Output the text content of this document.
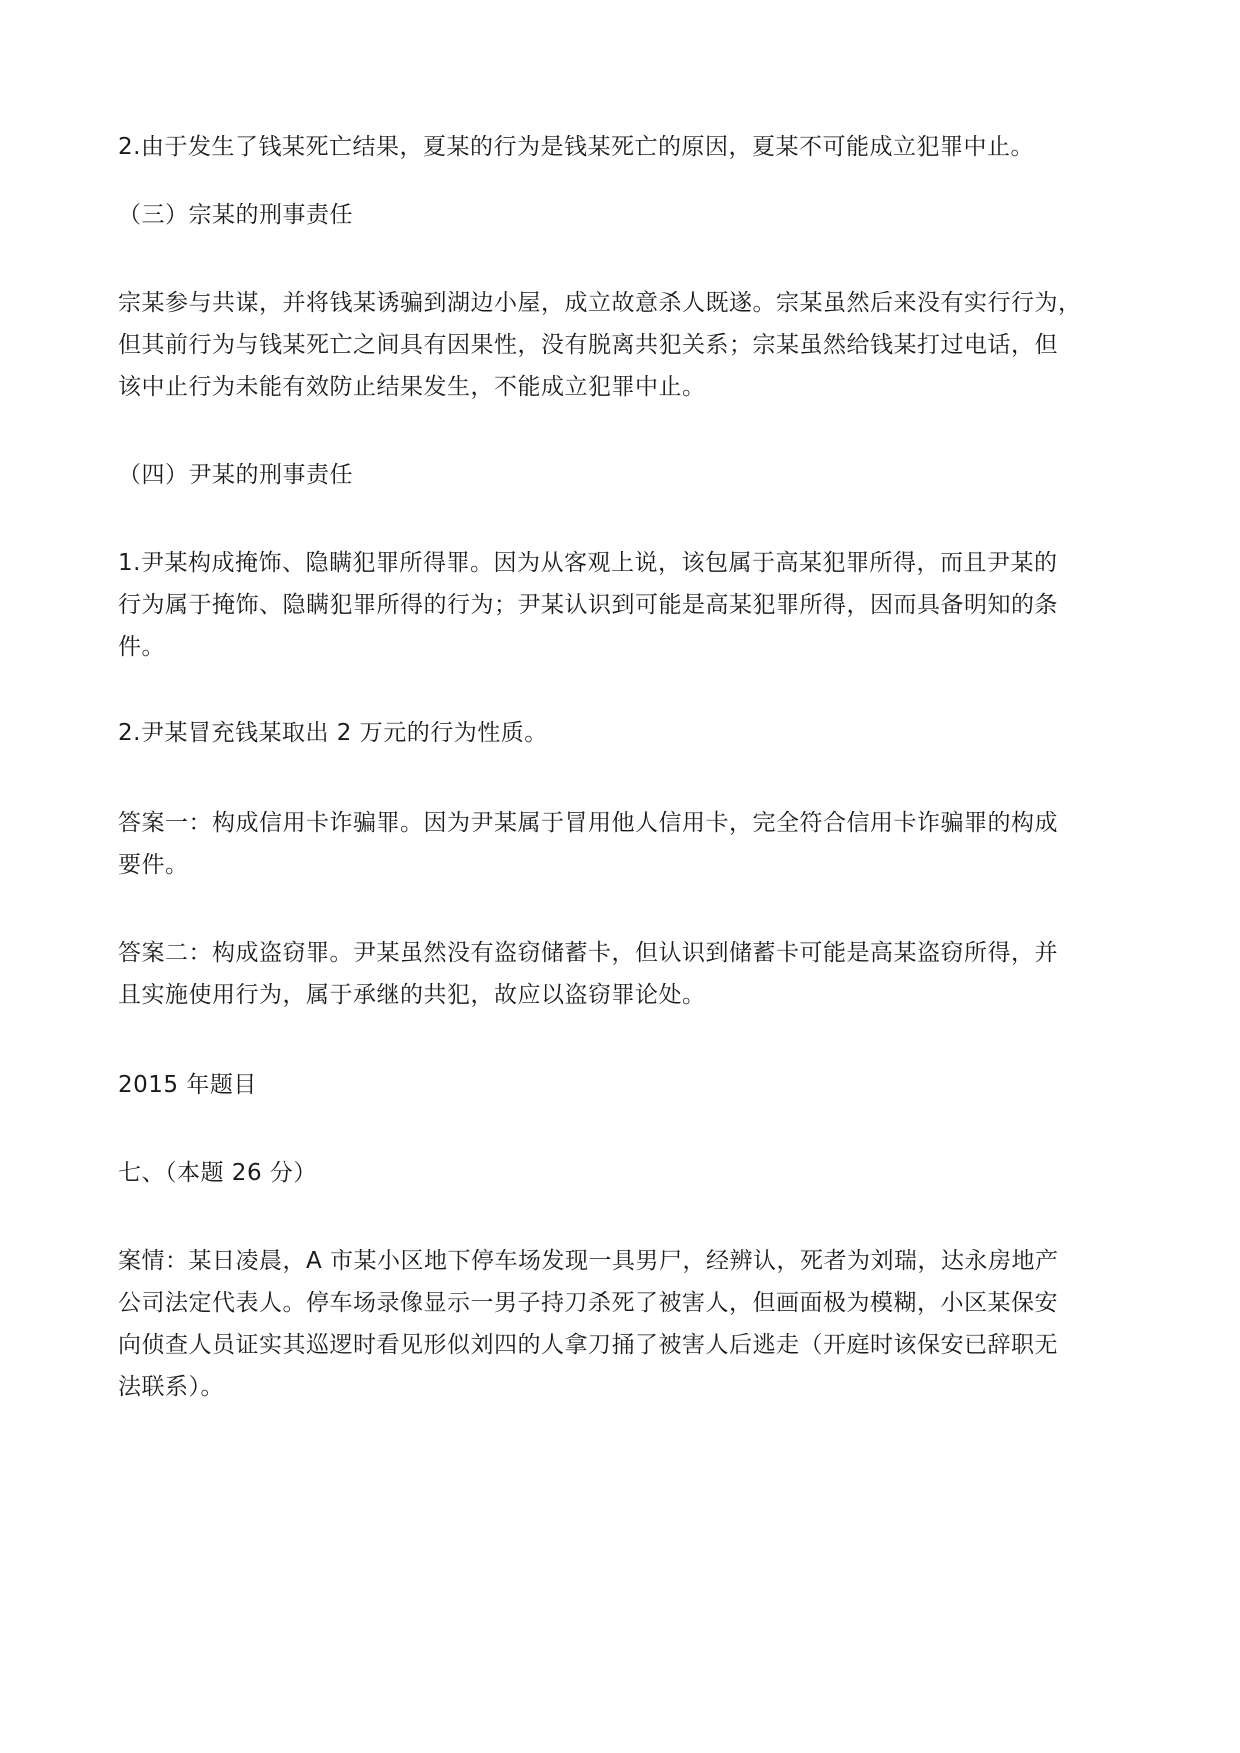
2.由于发生了钱某死亡结果，夏某的行为是钱某死亡的原因，夏某不可能成立犯罪中止。

（三）宗某的刑事责任

宗某参与共谋，并将钱某诱骗到湖边小屋，成立故意杀人既遂。宗某虽然后来没有实行行为，
但其前行为与钱某死亡之间具有因果性，没有脱离共犯关系；宗某虽然给钱某打过电话，但
该中止行为未能有效防止结果发生，不能成立犯罪中止。

（四）尹某的刑事责任

1.尹某构成掩饰、隐瞒犯罪所得罪。因为从客观上说，该包属于高某犯罪所得，而且尹某的
行为属于掩饰、隐瞒犯罪所得的行为；尹某认识到可能是高某犯罪所得，因而具备明知的条
件。

2.尹某冒充钱某取出 2 万元的行为性质。

答案一：构成信用卡诈骗罪。因为尹某属于冒用他人信用卡，完全符合信用卡诈骗罪的构成
要件。

答案二：构成盗窃罪。尹某虽然没有盗窃储蓄卡，但认识到储蓄卡可能是高某盗窃所得，并
且实施使用行为，属于承继的共犯，故应以盗窃罪论处。

2015 年题目

七、（本题 26 分）

案情：某日凌晨，A 市某小区地下停车场发现一具男尸，经辨认，死者为刘瑞，达永房地产
公司法定代表人。停车场录像显示一男子持刀杀死了被害人，但画面极为模糊，小区某保安
向侦查人员证实其巡逻时看见形似刘四的人拿刀捅了被害人后逃走（开庭时该保安已辞职无
法联系）。
